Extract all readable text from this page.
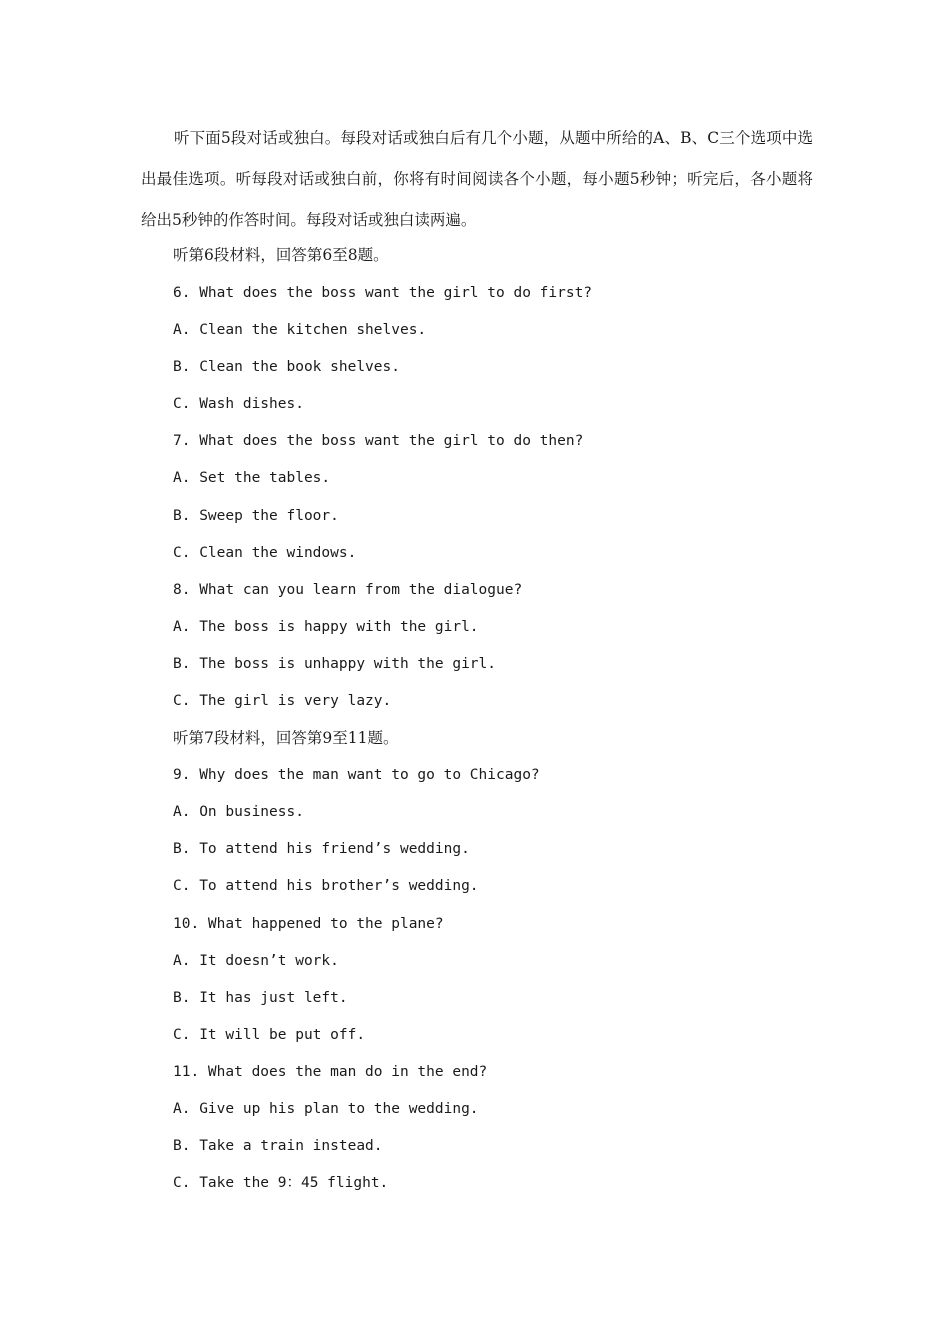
听下面5段对话或独白。每段对话或独白后有几个小题，从题中所给的A、B、C三个选项中选出最佳选项。听每段对话或独白前，你将有时间阅读各个小题，每小题5秒钟；听完后，各小题将给出5秒钟的作答时间。每段对话或独白读两遍。

听第6段材料，回答第6至8题。
6. What does the boss want the girl to do first?
A. Clean the kitchen shelves.
B. Clean the book shelves.
C. Wash dishes.
7. What does the boss want the girl to do then?
A. Set the tables.
B. Sweep the floor.
C. Clean the windows.
8. What can you learn from the dialogue?
A. The boss is happy with the girl.
B. The boss is unhappy with the girl.
C. The girl is very lazy.
听第7段材料，回答第9至11题。
9. Why does the man want to go to Chicago?
A. On business.
B. To attend his friend’s wedding.
C. To attend his brother’s wedding.
10. What happened to the plane?
A. It doesn’t work.
B. It has just left.
C. It will be put off.
11. What does the man do in the end?
A. Give up his plan to the wedding.
B. Take a train instead.
C. Take the 9：45 flight.
